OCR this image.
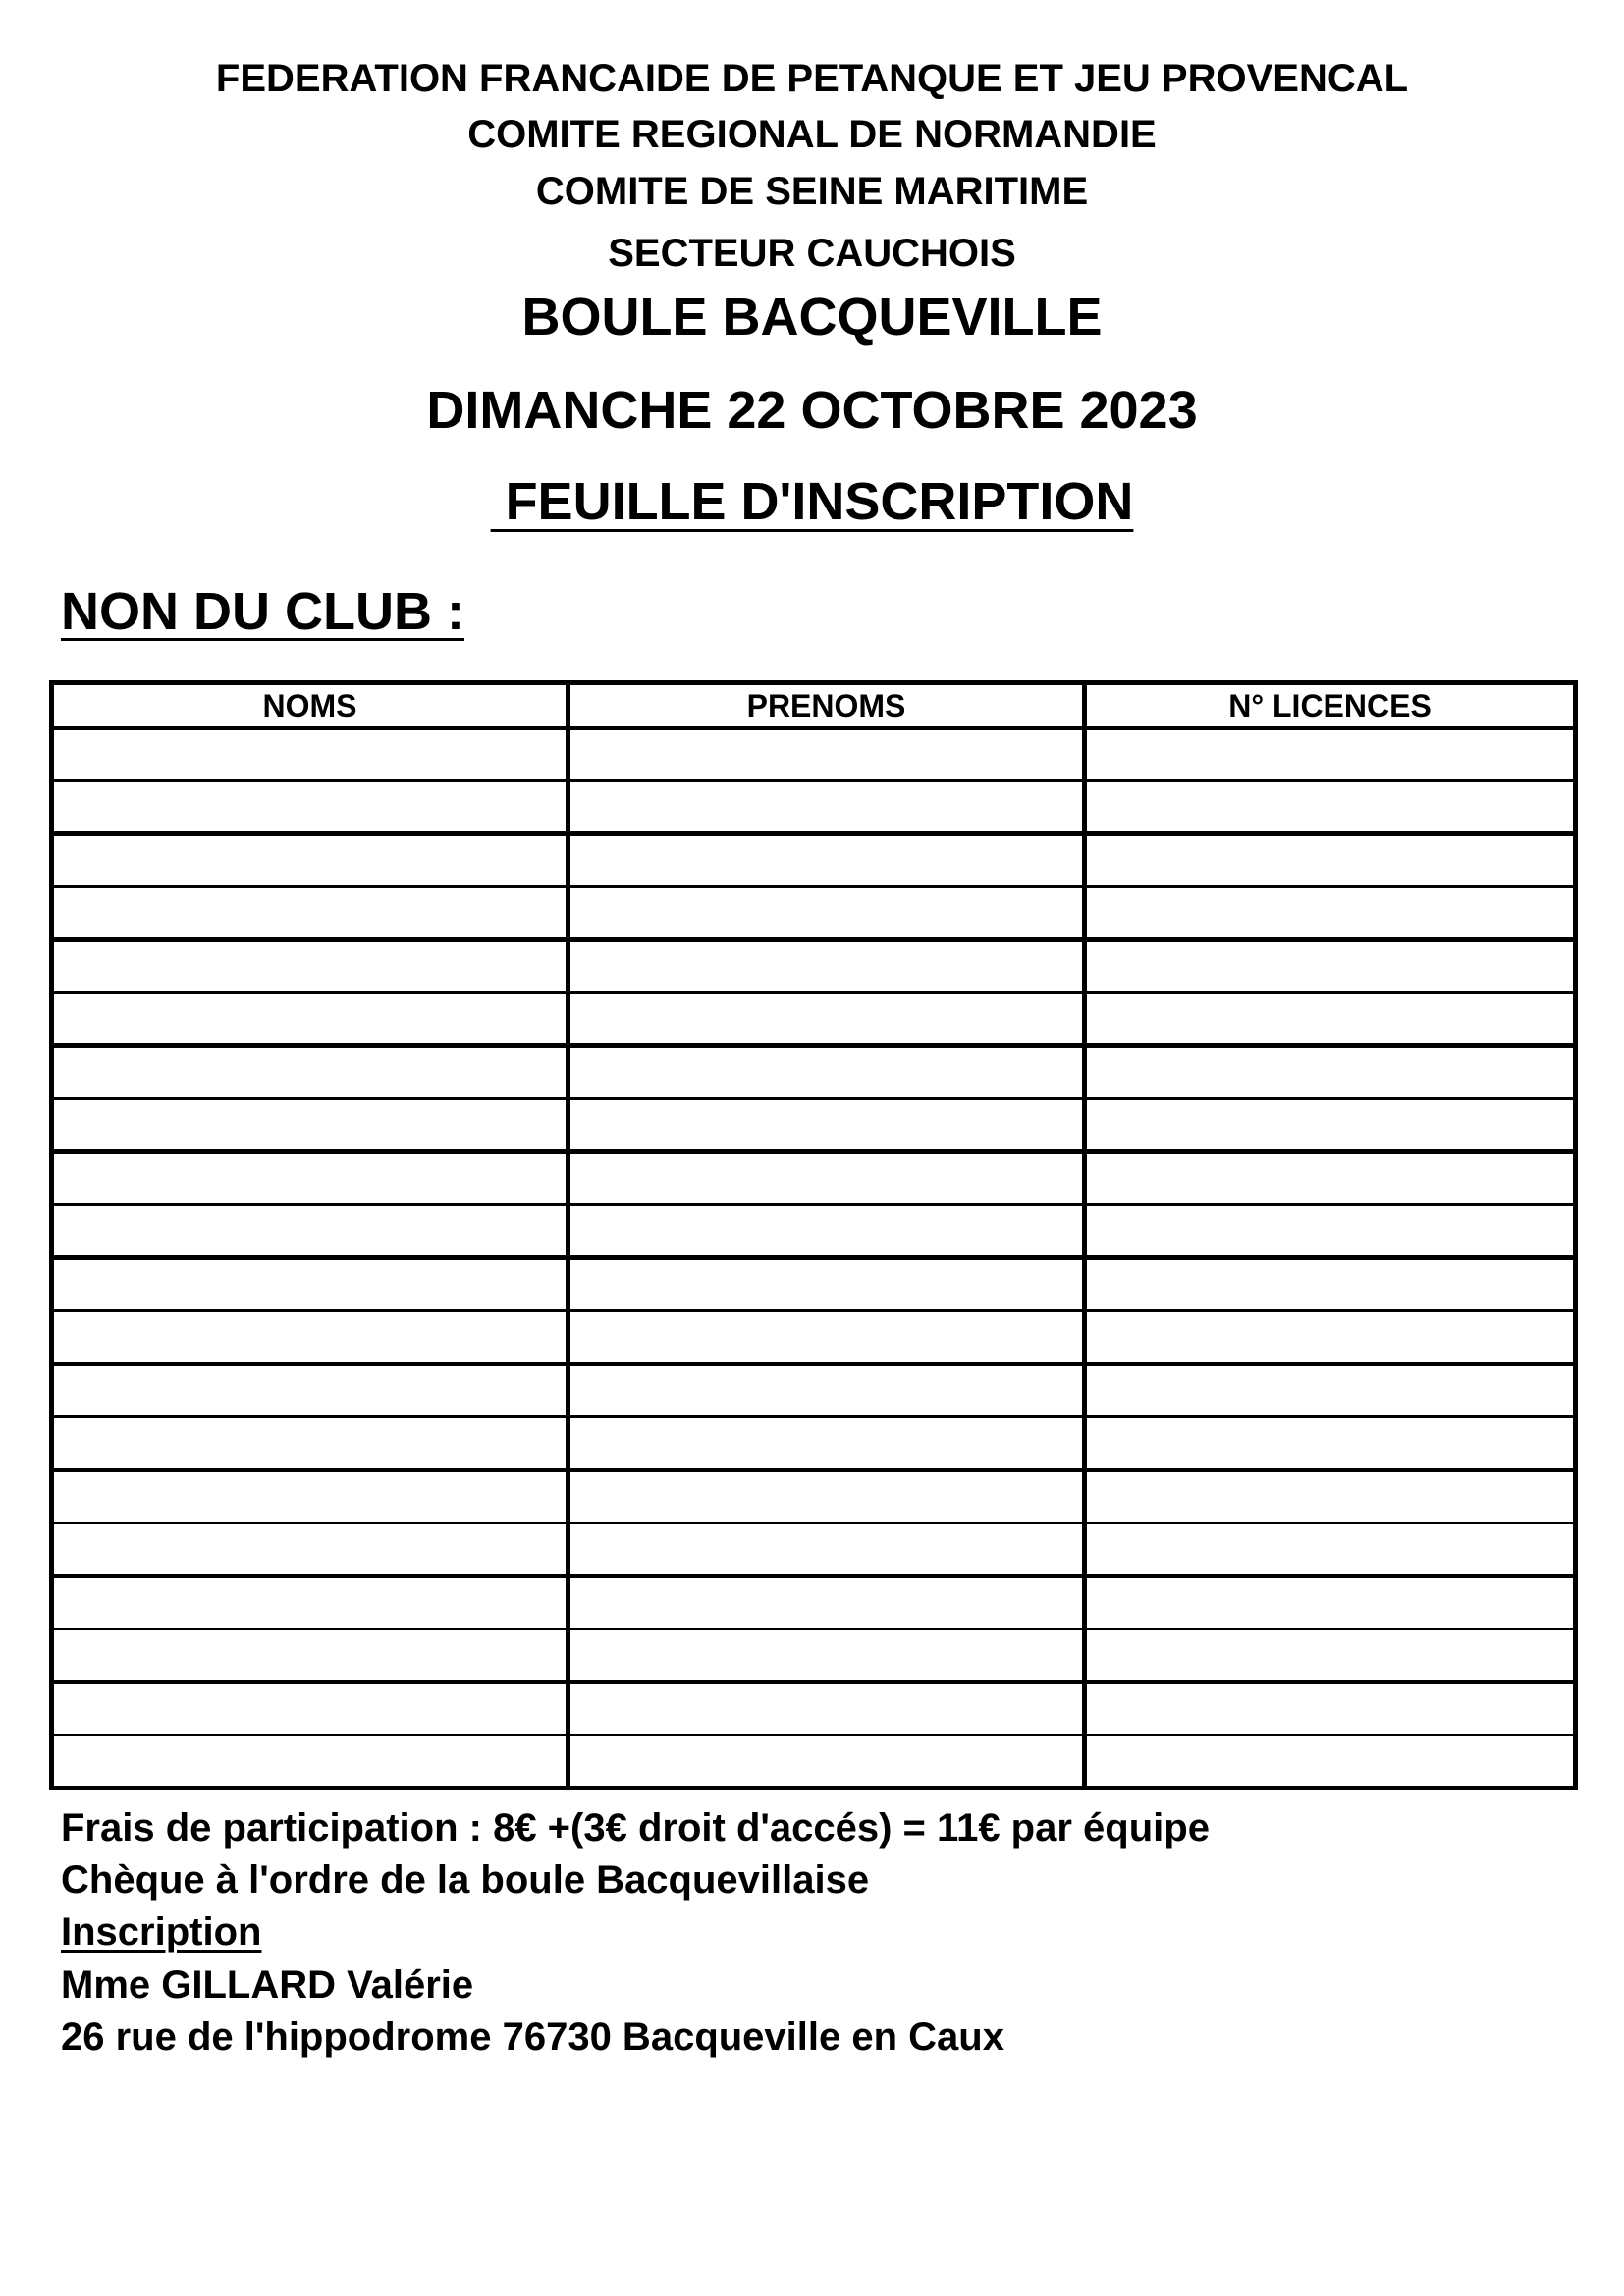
FEDERATION FRANCAIDE DE PETANQUE ET JEU PROVENCAL
COMITE REGIONAL DE NORMANDIE
COMITE DE SEINE MARITIME
SECTEUR CAUCHOIS
BOULE BACQUEVILLE
DIMANCHE 22 OCTOBRE 2023
FEUILLE D'INSCRIPTION

NON DU CLUB :

NOMS	PRENOMS	N° LICENCES

Frais de participation : 8€ +(3€ droit d'accés) = 11€ par équipe

Chèque à l'ordre de la boule Bacquevillaise

Inscription

Mme GILLARD Valérie

26 rue de l'hippodrome 76730 Bacqueville en Caux
